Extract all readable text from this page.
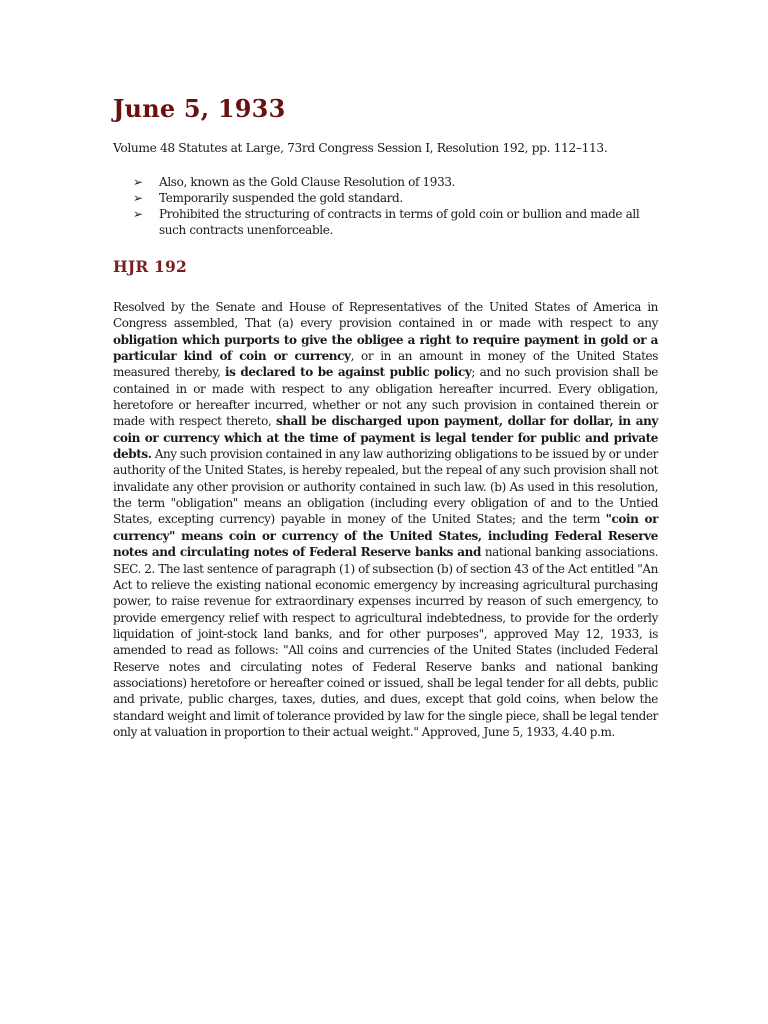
June 5, 1933

Volume 48 Statutes at Large, 73rd Congress Session I, Resolution 192, pp. 112–113.

➢ Also, known as the Gold Clause Resolution of 1933.
➢ Temporarily suspended the gold standard.
➢ Prohibited the structuring of contracts in terms of gold coin or bullion and made all such contracts unenforceable.
HJR 192

Resolved by the Senate and House of Representatives of the United States of America in Congress assembled, That (a) every provision contained in or made with respect to any obligation which purports to give the obligee a right to require payment in gold or a particular kind of coin or currency, or in an amount in money of the United States measured thereby, is declared to be against public policy; and no such provision shall be contained in or made with respect to any obligation hereafter incurred. Every obligation, heretofore or hereafter incurred, whether or not any such provision in contained therein or made with respect thereto, shall be discharged upon payment, dollar for dollar, in any coin or currency which at the time of payment is legal tender for public and private debts. Any such provision contained in any law authorizing obligations to be issued by or under authority of the United States, is hereby repealed, but the repeal of any such provision shall not invalidate any other provision or authority contained in such law. (b) As used in this resolution, the term "obligation" means an obligation (including every obligation of and to the Untied States, excepting currency) payable in money of the United States; and the term "coin or currency" means coin or currency of the United States, including Federal Reserve notes and circulating notes of Federal Reserve banks and national banking associations. SEC. 2. The last sentence of paragraph (1) of subsection (b) of section 43 of the Act entitled "An Act to relieve the existing national economic emergency by increasing agricultural purchasing power, to raise revenue for extraordinary expenses incurred by reason of such emergency, to provide emergency relief with respect to agricultural indebtedness, to provide for the orderly liquidation of joint-stock land banks, and for other purposes", approved May 12, 1933, is amended to read as follows: "All coins and currencies of the United States (included Federal Reserve notes and circulating notes of Federal Reserve banks and national banking associations) heretofore or hereafter coined or issued, shall be legal tender for all debts, public and private, public charges, taxes, duties, and dues, except that gold coins, when below the standard weight and limit of tolerance provided by law for the single piece, shall be legal tender only at valuation in proportion to their actual weight." Approved, June 5, 1933, 4.40 p.m.
